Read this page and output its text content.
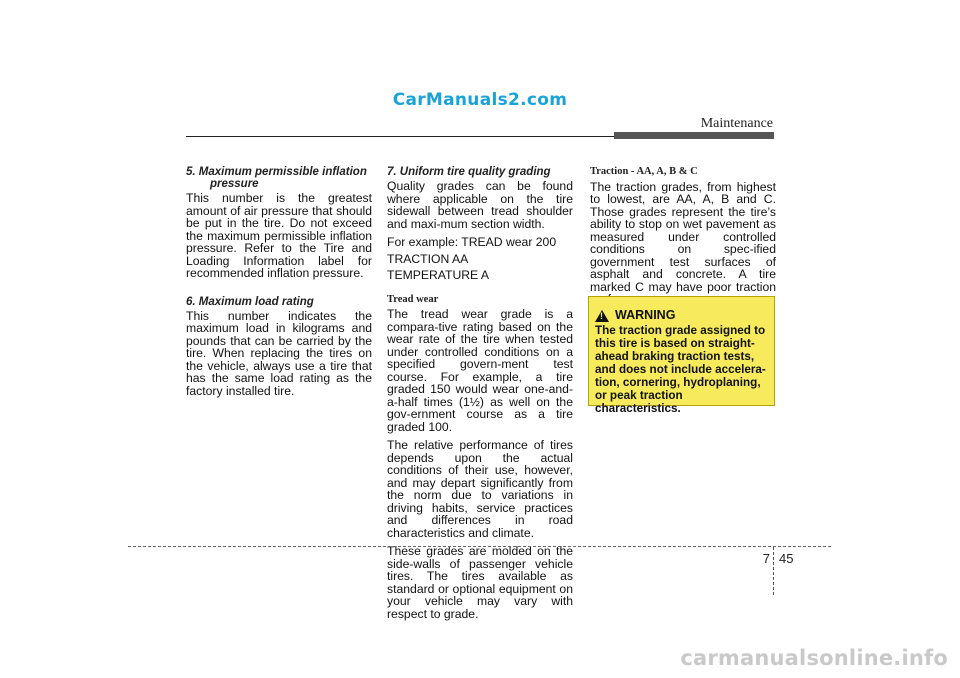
CarManuals2.com
Maintenance
5. Maximum permissible inflation
pressure

This number is the greatest amount of air pressure that should be put in the tire. Do not exceed the maximum permissible inflation pressure. Refer to the Tire and Loading Information label for recommended inflation pressure.

6. Maximum load rating

This number indicates the maximum load in kilograms and pounds that can be carried by the tire. When replacing the tires on the vehicle, always use a tire that has the same load rating as the factory installed tire.

7. Uniform tire quality grading

Quality grades can be found where applicable on the tire sidewall between tread shoulder and maxi-mum section width.

For example: TREAD wear 200

TRACTION AA

TEMPERATURE A

Tread wear

The tread wear grade is a compara-tive rating based on the wear rate of the tire when tested under controlled conditions on a specified govern-ment test course. For example, a tire graded 150 would wear one-and-a-half times (1½) as well on the gov-ernment course as a tire graded 100.

The relative performance of tires depends upon the actual conditions of their use, however, and may depart significantly from the norm due to variations in driving habits, service practices and differences in road characteristics and climate.

These grades are molded on the side-walls of passenger vehicle tires. The tires available as standard or optional equipment on your vehicle may vary with respect to grade.

Traction - AA, A, B & C

The traction grades, from highest to lowest, are AA, A, B and C. Those grades represent the tire’s ability to stop on wet pavement as measured under controlled conditions on spec-ified government test surfaces of asphalt and concrete. A tire marked C may have poor traction

!
WARNING

The traction grade assigned to this tire is based on straight-ahead braking traction tests, and does not include accelera-tion, cornering, hydroplaning, or peak traction characteristics.

7 45
carmanualsonline.info
